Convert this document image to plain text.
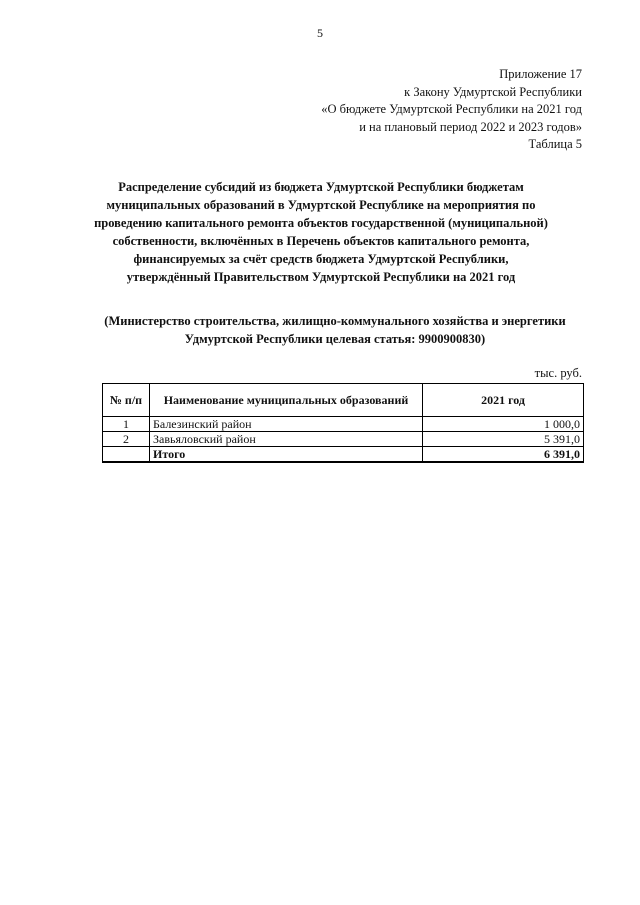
5
Приложение 17
к Закону Удмуртской Республики
«О бюджете Удмуртской Республики на 2021 год
и на плановый период 2022 и 2023 годов»
Таблица 5
Распределение субсидий из бюджета Удмуртской Республики бюджетам
муниципальных образований в Удмуртской Республике на мероприятия по
проведению капитального ремонта объектов государственной (муниципальной)
собственности, включённых в Перечень объектов капитального ремонта,
финансируемых за счёт средств бюджета Удмуртской Республики,
утверждённый Правительством Удмуртской Республики на 2021 год
(Министерство строительства, жилищно-коммунального хозяйства и энергетики
Удмуртской Республики целевая статья: 9900900830)
тыс. руб.
№ п/п	Наименование муниципальных образований	2021 год
1	Балезинский район	1 000,0
2	Завьяловский район	5 391,0
	Итого	6 391,0
